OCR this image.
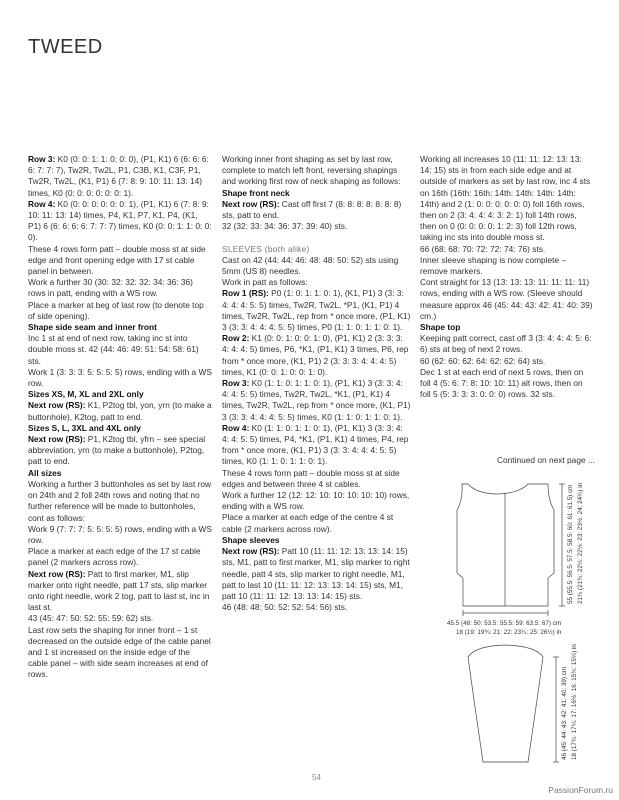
TWEED

Row 3: K0 (0: 0: 1: 1: 0: 0: 0), (P1, K1) 6 (6: 6: 6: 6: 7: 7: 7), Tw2R, Tw2L, P1, C3B, K1, C3F, P1, Tw2R, Tw2L, (K1, P1) 6 (7: 8: 9: 10: 11: 13: 14) times, K0 (0: 0: 0: 0: 0: 0: 1).

Row 4: K0 (0: 0: 0: 0: 0: 0: 1), (P1, K1) 6 (7: 8: 9: 10: 11: 13: 14) times, P4, K1, P7, K1, P4, (K1, P1) 6 (6: 6: 6: 6: 7: 7: 7) times, K0 (0: 0: 1: 1: 0: 0: 0).

These 4 rows form patt – double moss st at side edge and front opening edge with 17 st cable panel in between.

Work a further 30 (30: 32: 32: 32: 34: 36: 36) rows in patt, ending with a WS row.

Place a marker at beg of last row (to denote top of side opening).

Shape side seam and inner front

Inc 1 st at end of next row, taking inc st into double moss st. 42 (44: 46: 49: 51: 54: 58: 61) sts.

Work 1 (3: 3: 3: 5: 5: 5: 5) rows, ending with a WS row.

Sizes XS, M, XL and 2XL only

Next row (RS): K1, P2tog tbl, yon, yrn (to make a buttonhole), K2tog, patt to end.

Sizes S, L, 3XL and 4XL only

Next row (RS): P1, K2tog tbl, yfrn – see special abbreviation, yrn (to make a buttonhole), P2tog, patt to end.

All sizes

Working a further 3 buttonholes as set by last row on 24th and 2 foll 24th rows and noting that no further reference will be made to buttonholes, cont as follows:

Work 9 (7: 7: 7: 5: 5: 5: 5) rows, ending with a WS row.

Place a marker at each edge of the 17 st cable panel (2 markers across row).

Next row (RS): Patt to first marker, M1, slip marker onto right needle, patt 17 sts, slip marker onto right needle, work 2 tog, patt to last st, inc in last st.

43 (45: 47: 50: 52: 55: 59: 62) sts.

Last row sets the shaping for inner front – 1 st decreased on the outside edge of the cable panel and 1 st increased on the inside edge of the cable panel – with side seam increases at end of rows.

Working inner front shaping as set by last row, complete to match left front, reversing shapings and working first row of neck shaping as follows:

Shape front neck

Next row (RS): Cast off first 7 (8: 8: 8: 8: 8: 8: 8) sts, patt to end.

32 (32: 33: 34: 36: 37: 39: 40) sts.

SLEEVES (both alike)

Cast on 42 (44: 44: 46: 48: 48: 50: 52) sts using 5mm (US 8) needles.

Work in patt as follows:

Row 1 (RS): P0 (1: 0: 1: 1: 0: 1), (K1, P1) 3 (3: 3: 4: 4: 4: 5: 5) times, Tw2R, Tw2L, *P1, (K1, P1) 4 times, Tw2R, Tw2L, rep from * once more, (P1, K1) 3 (3: 3: 4: 4: 4: 5: 5) times, P0 (1: 1: 0: 1: 1: 0: 1).

Row 2: K1 (0: 0: 1: 0: 0: 1: 0), (P1, K1) 2 (3: 3: 3: 4: 4: 4: 5) times, P6, *K1, (P1, K1) 3 times, P6, rep from * once more, (K1, P1) 2 (3: 3: 3: 4: 4: 4: 5) times, K1 (0: 0: 1: 0: 0: 1: 0).

Row 3: K0 (1: 1: 0: 1: 1: 0: 1), (P1, K1) 3 (3: 3: 4: 4: 4: 5: 5) times, Tw2R, Tw2L, *K1, (P1, K1) 4 times, Tw2R, Tw2L, rep from * once more, (K1, P1) 3 (3: 3: 4: 4: 4: 5: 5) times, K0 (1: 1: 0: 1: 1: 0: 1).

Row 4: K0 (1: 1: 0: 1: 1: 0: 1), (P1, K1) 3 (3: 3: 4: 4: 4: 5: 5) times, P4, *K1, (P1, K1) 4 times, P4, rep from * once more, (K1, P1) 3 (3: 3: 4: 4: 4: 5: 5) times, K0 (1: 1: 0: 1: 1: 0: 1).

These 4 rows form patt – double moss st at side edges and between three 4 st cables.

Work a further 12 (12: 12: 10: 10: 10: 10: 10) rows, ending with a WS row.

Place a marker at each edge of the centre 4 st cable (2 markers across row).

Shape sleeves

Next row (RS): Patt 10 (11: 11: 12: 13: 13: 14: 15) sts, M1, patt to first marker, M1, slip marker to right needle, patt 4 sts, slip marker to right needle, M1, patt to last 10 (11: 11: 12: 13: 13: 14: 15) sts, M1, patt 10 (11: 11: 12: 13: 13: 14: 15) sts.

46 (48: 48: 50: 52: 52: 54: 56) sts.

Working all increases 10 (11: 11: 12: 13: 13: 14: 15) sts in from each side edge and at outside of markers as set by last row, inc 4 sts on 16th (16th: 16th: 14th: 14th: 14th: 14th: 14th) and 2 (1: 0: 0: 0: 0: 0: 0) foll 16th rows, then on 2 (3: 4: 4: 4: 3: 2: 1) foll 14th rows, then on 0 (0: 0: 0: 0: 1: 2: 3) foll 12th rows, taking inc sts into double moss st.

66 (68: 68: 70: 72: 72: 74: 76) sts.

Inner sleeve shaping is now complete – remove markers.

Cont straight for 13 (13: 13: 13: 11: 11: 11: 11) rows, ending with a WS row. (Sleeve should measure approx 46 (45: 44: 43: 42: 41: 40: 39) cm.)

Shape top

Keeping patt correct, cast off 3 (3: 4: 4: 4: 5: 6: 6) sts at beg of next 2 rows.

60 (62: 60: 62: 64: 62: 62: 64) sts.

Dec 1 st at each end of next 5 rows, then on foll 4 (5: 6: 7: 8: 10: 10: 11) alt rows, then on foll 5 (5: 3: 3: 3: 0: 0: 0) rows. 32 sts.

Continued on next page ...
45.5 (48: 50: 53.5: 55.5: 59: 63.5: 67) cm
18 (19: 19¾: 21: 22: 23¼: 25: 26½) in
55 (55.5: 56.5: 57.5: 58.5: 60: 61: 61.5) cm 21¾ (21¾: 22¼: 22½: 23: 23½: 24: 24¼) in
46 (45: 44: 43: 42: 41: 40: 39) cm 18 (17¾: 17¼: 17: 16½: 16: 15¾: 15¼) in
54
PassionForum.ru
